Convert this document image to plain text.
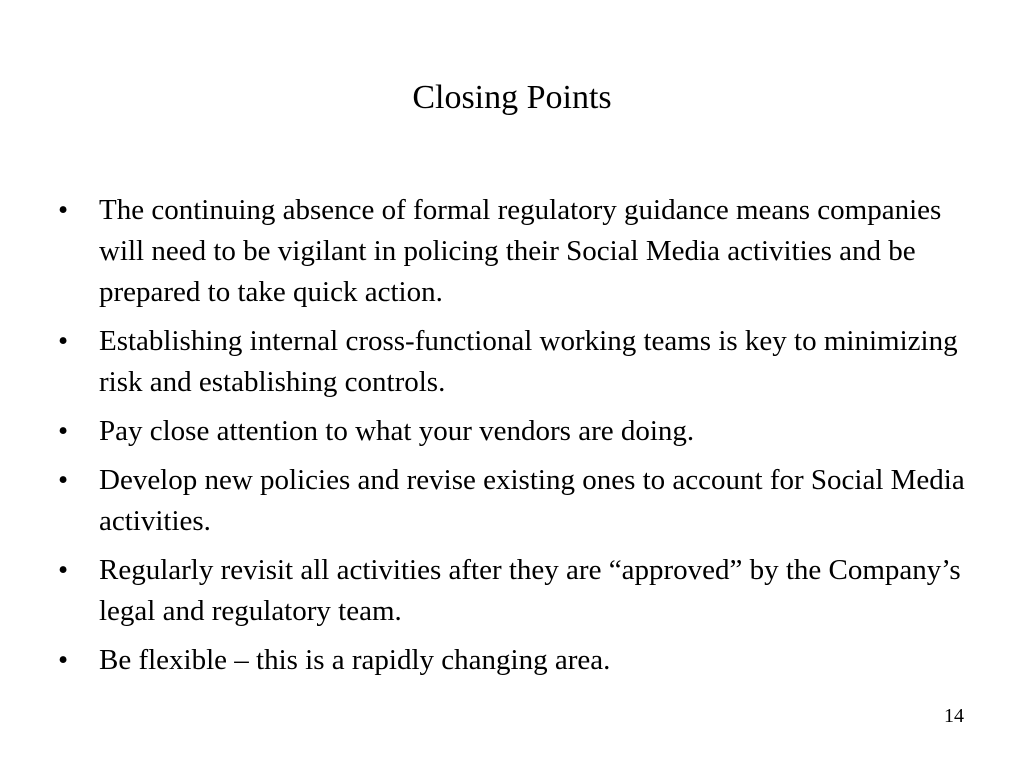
Closing Points
•	The continuing absence of formal regulatory guidance means companies will need to be vigilant in policing their Social Media activities and be prepared to take quick action.
•	Establishing internal cross-functional working teams is key to minimizing risk and establishing controls.
•	Pay close attention to what your vendors are doing.
•	Develop new policies and revise existing ones to account for Social Media activities.
•	Regularly revisit all activities after they are “approved” by the Company’s legal and regulatory team.
•	Be flexible – this is a rapidly changing area.
14
